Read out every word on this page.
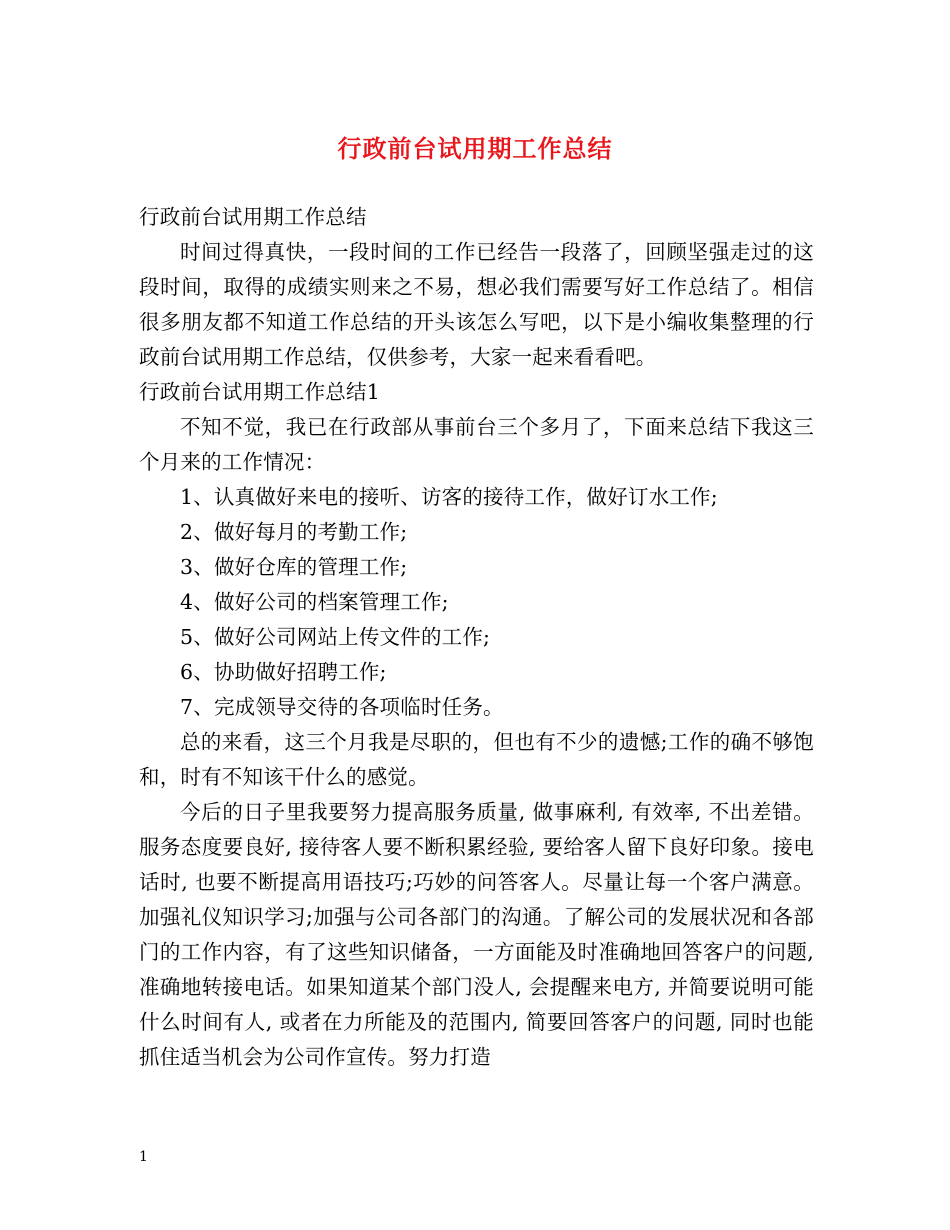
行政前台试用期工作总结

行政前台试用期工作总结

时间过得真快，一段时间的工作已经告一段落了，回顾坚强走过的这段时间，取得的成绩实则来之不易，想必我们需要写好工作总结了。相信很多朋友都不知道工作总结的开头该怎么写吧，以下是小编收集整理的行政前台试用期工作总结，仅供参考，大家一起来看看吧。

行政前台试用期工作总结1

不知不觉，我已在行政部从事前台三个多月了，下面来总结下我这三个月来的工作情况：

1、认真做好来电的接听、访客的接待工作，做好订水工作;

2、做好每月的考勤工作;

3、做好仓库的管理工作;

4、做好公司的档案管理工作;

5、做好公司网站上传文件的工作;

6、协助做好招聘工作;

7、完成领导交待的各项临时任务。

总的来看，这三个月我是尽职的，但也有不少的遗憾;工作的确不够饱和，时有不知该干什么的感觉。

今后的日子里我要努力提高服务质量, 做事麻利, 有效率, 不出差错。服务态度要良好, 接待客人要不断积累经验, 要给客人留下良好印象。接电话时, 也要不断提高用语技巧;巧妙的问答客人。尽量让每一个客户满意。加强礼仪知识学习;加强与公司各部门的沟通。了解公司的发展状况和各部门的工作内容，有了这些知识储备，一方面能及时准确地回答客户的问题, 准确地转接电话。如果知道某个部门没人, 会提醒来电方, 并简要说明可能什么时间有人, 或者在力所能及的范围内, 简要回答客户的问题, 同时也能抓住适当机会为公司作宣传。努力打造

1
